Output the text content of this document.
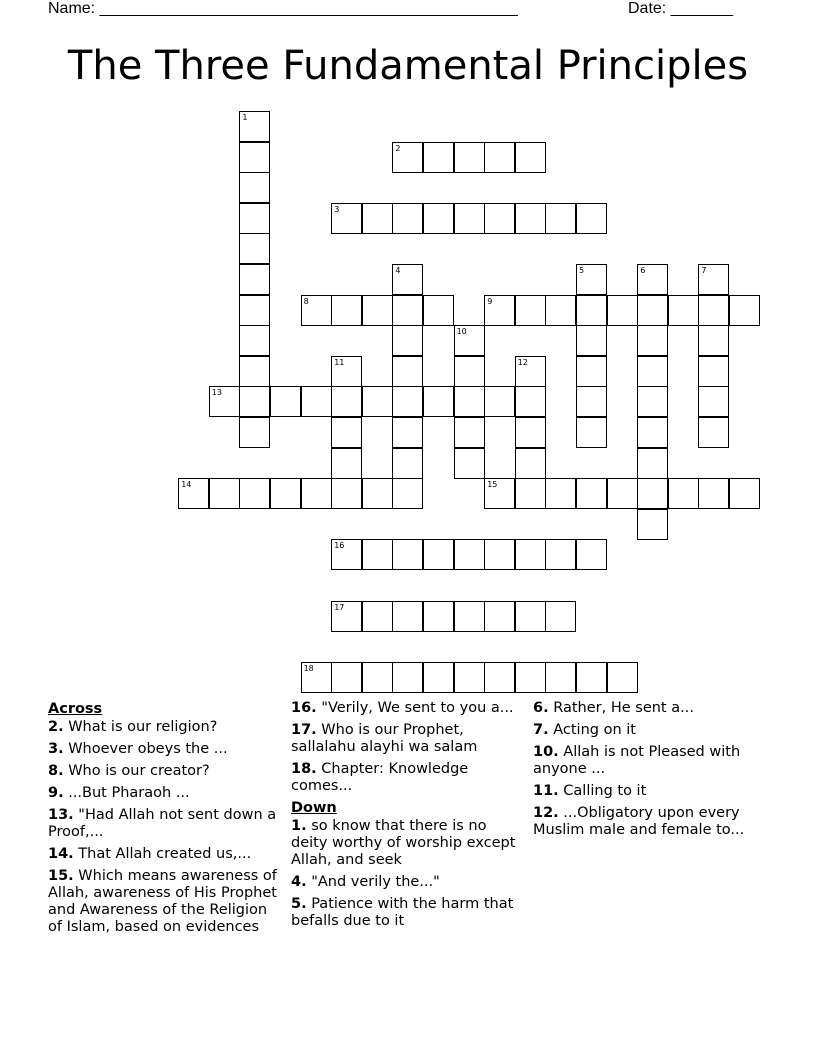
Name: _______________________________________________	Date: _______
The Three Fundamental Principles
1
2
3
4	5	6	7
8	9
10
11	12
13
14	15
16
17
18
Across
2. What is our religion?
3. Whoever obeys the ...
8. Who is our creator?
9. ...But Pharaoh ...
13. "Had Allah not sent down a Proof,...
14. That Allah created us,...
15. Which means awareness of Allah, awareness of His Prophet and Awareness of the Religion of Islam, based on evidences
16. "Verily, We sent to you a...
17. Who is our Prophet, sallalahu alayhi wa salam
18. Chapter: Knowledge comes...
Down
1. so know that there is no deity worthy of worship except Allah, and seek
4. "And verily the..."
5. Patience with the harm that befalls due to it
6. Rather, He sent a...
7. Acting on it
10. Allah is not Pleased with anyone ...
11. Calling to it
12. ...Obligatory upon every Muslim male and female to...
